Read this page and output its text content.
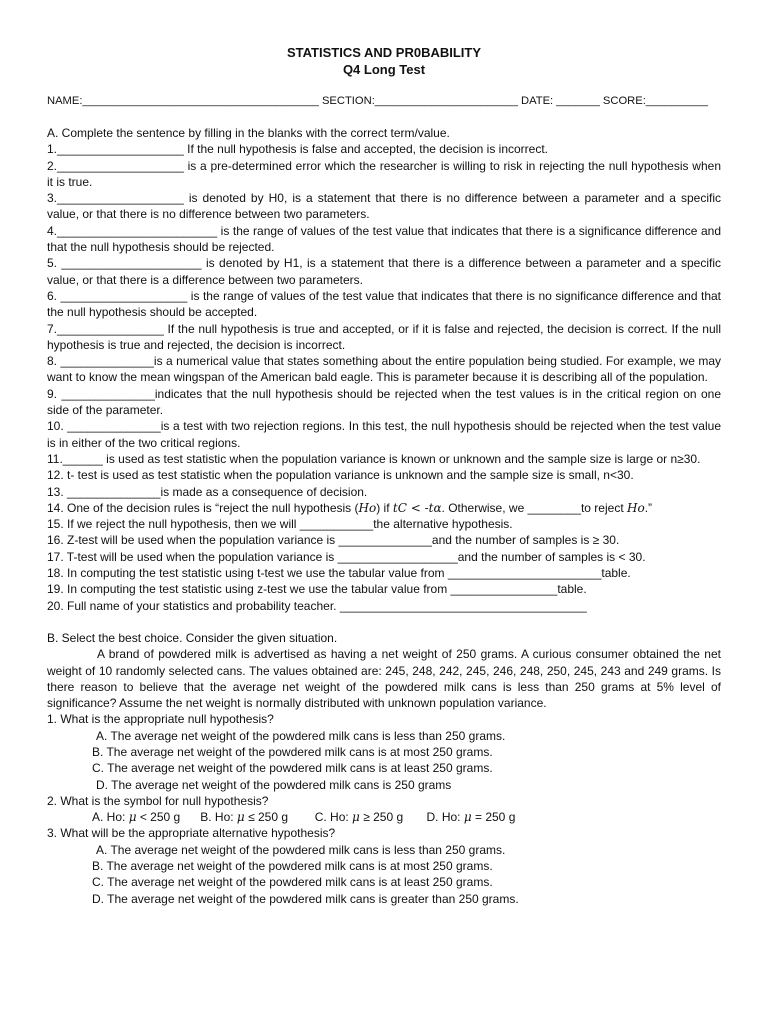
STATISTICS AND PR0BABILITY
Q4 Long Test
NAME:______________________________________ SECTION:_______________________ DATE: _______ SCORE:__________

A. Complete the sentence by filling in the blanks with the correct term/value.

1.___________________ If the null hypothesis is false and accepted, the decision is incorrect.

2.___________________ is a pre-determined error which the researcher is willing to risk in rejecting the null hypothesis when it is true.

3.___________________ is denoted by H0, is a statement that there is no difference between a parameter and a specific value, or that there is no difference between two parameters.

4.________________________ is the range of values of the test value that indicates that there is a significance difference and that the null hypothesis should be rejected.

5. _____________________ is denoted by H1, is a statement that there is a difference between a parameter and a specific value, or that there is a difference between two parameters.

6. ___________________ is the range of values of the test value that indicates that there is no significance difference and that the null hypothesis should be accepted.

7.________________ If the null hypothesis is true and accepted, or if it is false and rejected, the decision is correct. If the null hypothesis is true and rejected, the decision is incorrect.

8. ______________is a numerical value that states something about the entire population being studied. For example, we may want to know the mean wingspan of the American bald eagle. This is parameter because it is describing all of the population.

9. ______________indicates that the null hypothesis should be rejected when the test values is in the critical region on one side of the parameter.

10. ______________is a test with two rejection regions. In this test, the null hypothesis should be rejected when the test value is in either of the two critical regions.

11.______ is used as test statistic when the population variance is known or unknown and the sample size is large or n≥30.

12. t- test is used as test statistic when the population variance is unknown and the sample size is small, n<30.

13. ______________is made as a consequence of decision.

14. One of the decision rules is “reject the null hypothesis (Ho) if tC < -tα. Otherwise, we ________to reject Ho.”

15. If we reject the null hypothesis, then we will ___________the alternative hypothesis.

16. Z-test will be used when the population variance is ______________and the number of samples is ≥ 30.

17. T-test will be used when the population variance is __________________and the number of samples is < 30.

18. In computing the test statistic using t-test we use the tabular value from _______________________table.

19. In computing the test statistic using z-test we use the tabular value from ________________table.

20. Full name of your statistics and probability teacher. _____________________________________

B. Select the best choice. Consider the given situation.

A brand of powdered milk is advertised as having a net weight of 250 grams. A curious consumer obtained the net weight of 10 randomly selected cans. The values obtained are: 245, 248, 242, 245, 246, 248, 250, 245, 243 and 249 grams. Is there reason to believe that the average net weight of the powdered milk cans is less than 250 grams at 5% level of significance? Assume the net weight is normally distributed with unknown population variance.

1. What is the appropriate null hypothesis?

A. The average net weight of the powdered milk cans is less than 250 grams.

B. The average net weight of the powdered milk cans is at most 250 grams.

C. The average net weight of the powdered milk cans is at least 250 grams.

D. The average net weight of the powdered milk cans is 250 grams

2. What is the symbol for null hypothesis?

A. Ho: μ < 250 g B. Ho: μ ≤ 250 g C. Ho: μ ≥ 250 g D. Ho: μ = 250 g

3. What will be the appropriate alternative hypothesis?

A. The average net weight of the powdered milk cans is less than 250 grams.

B. The average net weight of the powdered milk cans is at most 250 grams.

C. The average net weight of the powdered milk cans is at least 250 grams.

D. The average net weight of the powdered milk cans is greater than 250 grams.
